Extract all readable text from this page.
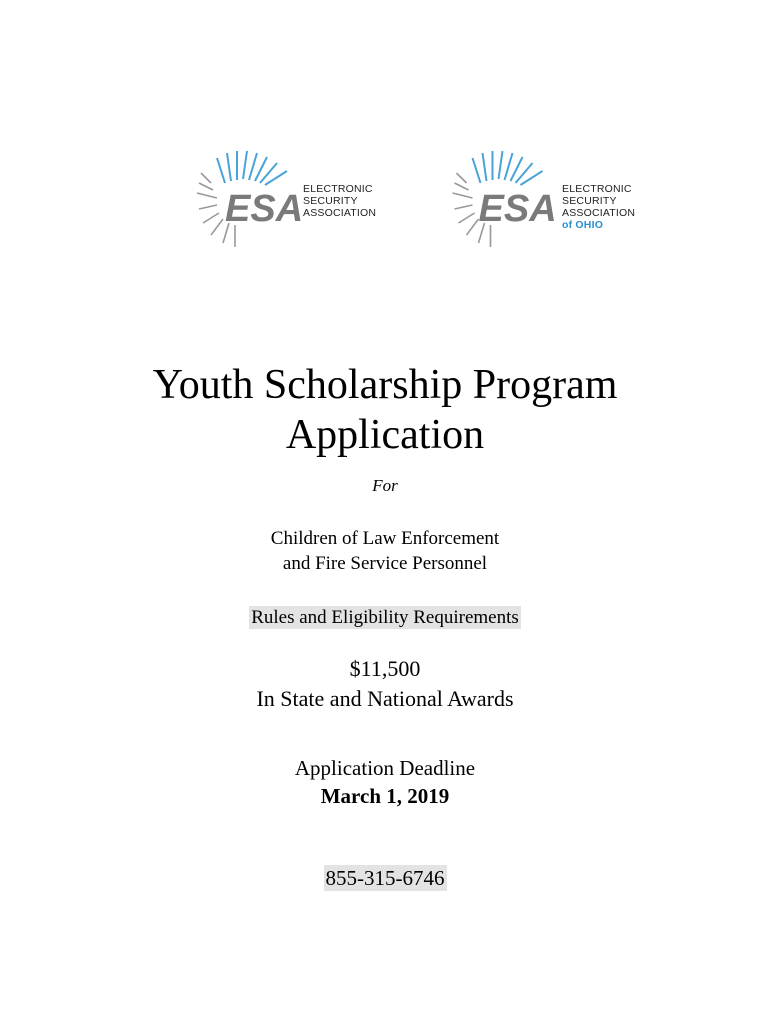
ESA ELECTRONIC
SECURITY
ASSOCIATION	ESA ELECTRONIC
SECURITY
ASSOCIATION
of OHIO
Youth Scholarship Program
Application
For
Children of Law Enforcement
and Fire Service Personnel
Rules and Eligibility Requirements
$11,500
In State and National Awards
Application Deadline
March 1, 2019
855-315-6746
